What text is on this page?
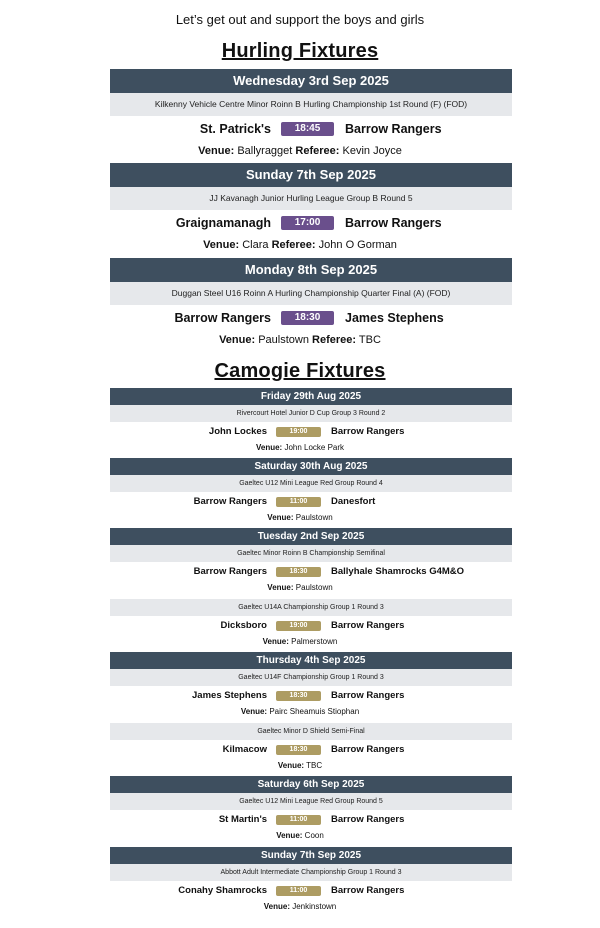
Let’s get out and support the boys and girls
Hurling Fixtures
Wednesday 3rd Sep 2025
Kilkenny Vehicle Centre Minor Roinn B Hurling Championship 1st Round (F) (FOD)
St. Patrick's	18:45	Barrow Rangers
Venue: Ballyragget Referee: Kevin Joyce
Sunday 7th Sep 2025
JJ Kavanagh Junior Hurling League Group B Round 5
Graignamanagh	17:00	Barrow Rangers
Venue: Clara Referee: John O Gorman
Monday 8th Sep 2025
Duggan Steel U16 Roinn A Hurling Championship Quarter Final (A) (FOD)
Barrow Rangers	18:30	James Stephens
Venue: Paulstown Referee: TBC
Camogie Fixtures
Friday 29th Aug 2025
Rivercourt Hotel Junior D Cup Group 3 Round 2
John Lockes	19:00	Barrow Rangers
Venue: John Locke Park
Saturday 30th Aug 2025
Gaeltec U12 Mini League Red Group Round 4
Barrow Rangers	11:00	Danesfort
Venue: Paulstown
Tuesday 2nd Sep 2025
Gaeltec Minor Roinn B Championship Semifinal
Barrow Rangers	18:30	Ballyhale Shamrocks G4M&O
Venue: Paulstown
Gaeltec U14A Championship Group 1 Round 3
Dicksboro	19:00	Barrow Rangers
Venue: Palmerstown
Thursday 4th Sep 2025
Gaeltec U14F Championship Group 1 Round 3
James Stephens	18:30	Barrow Rangers
Venue: Pairc Sheamuis Stiophan
Gaeltec Minor D Shield Semi-Final
Kilmacow	18:30	Barrow Rangers
Venue: TBC
Saturday 6th Sep 2025
Gaeltec U12 Mini League Red Group Round 5
St Martin's	11:00	Barrow Rangers
Venue: Coon
Sunday 7th Sep 2025
Abbott Adult Intermediate Championship Group 1 Round 3
Conahy Shamrocks	11:00	Barrow Rangers
Venue: Jenkinstown
